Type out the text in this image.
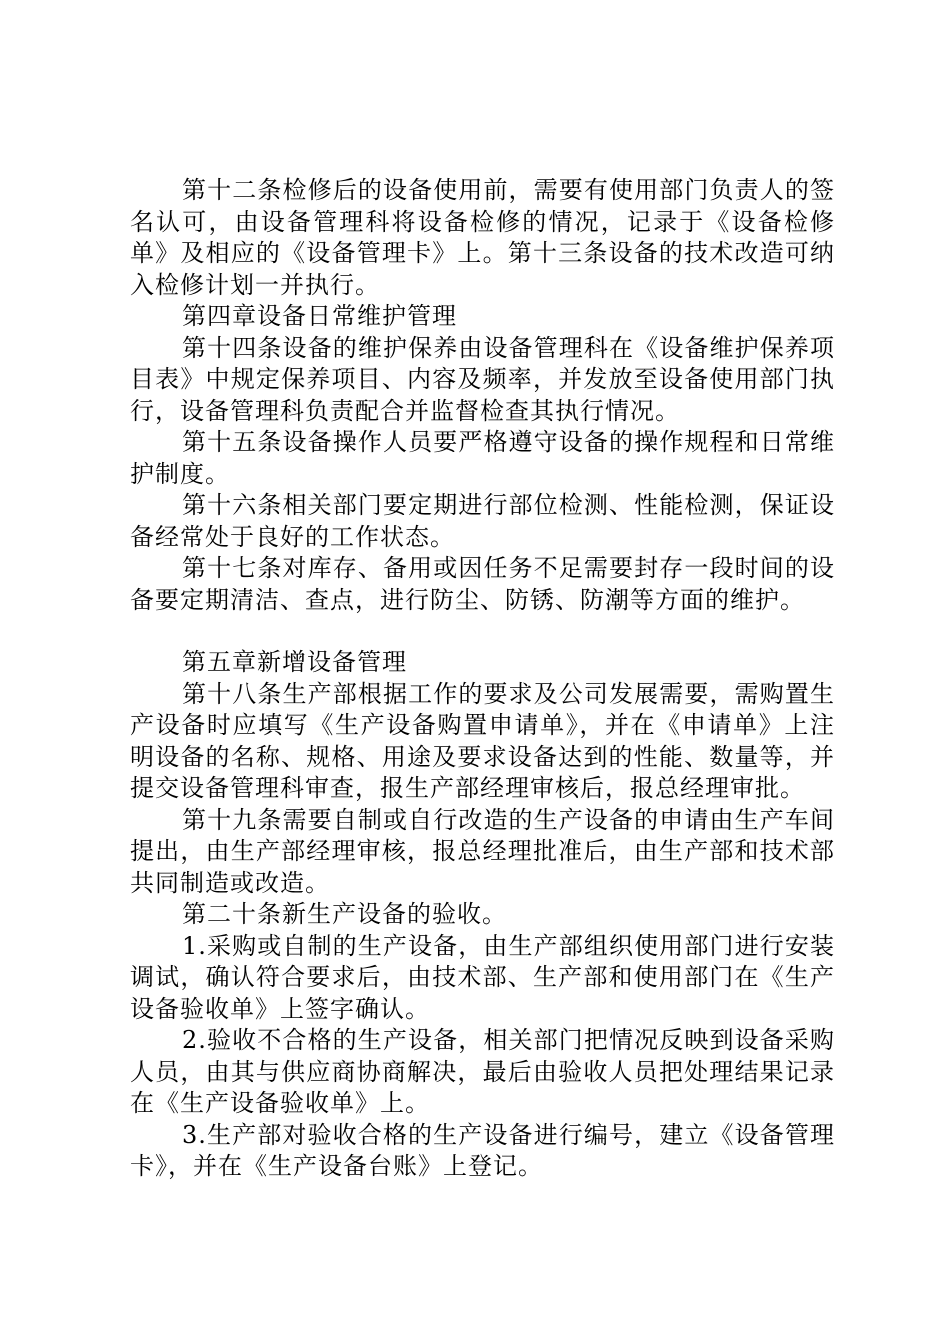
第十二条检修后的设备使用前，需要有使用部门负责人的签名认可，由设备管理科将设备检修的情况，记录于《设备检修单》及相应的《设备管理卡》上。第十三条设备的技术改造可纳入检修计划一并执行。

第四章设备日常维护管理

第十四条设备的维护保养由设备管理科在《设备维护保养项目表》中规定保养项目、内容及频率，并发放至设备使用部门执行，设备管理科负责配合并监督检查其执行情况。

第十五条设备操作人员要严格遵守设备的操作规程和日常维护制度。

第十六条相关部门要定期进行部位检测、性能检测，保证设备经常处于良好的工作状态。

第十七条对库存、备用或因任务不足需要封存一段时间的设备要定期清洁、查点，进行防尘、防锈、防潮等方面的维护。

第五章新增设备管理

第十八条生产部根据工作的要求及公司发展需要，需购置生产设备时应填写《生产设备购置申请单》，并在《申请单》上注明设备的名称、规格、用途及要求设备达到的性能、数量等，并提交设备管理科审查，报生产部经理审核后，报总经理审批。

第十九条需要自制或自行改造的生产设备的申请由生产车间提出，由生产部经理审核，报总经理批准后，由生产部和技术部共同制造或改造。

第二十条新生产设备的验收。

1.采购或自制的生产设备，由生产部组织使用部门进行安装调试，确认符合要求后，由技术部、生产部和使用部门在《生产设备验收单》上签字确认。

2.验收不合格的生产设备，相关部门把情况反映到设备采购人员，由其与供应商协商解决，最后由验收人员把处理结果记录在《生产设备验收单》上。

3.生产部对验收合格的生产设备进行编号，建立《设备管理卡》，并在《生产设备台账》上登记。
